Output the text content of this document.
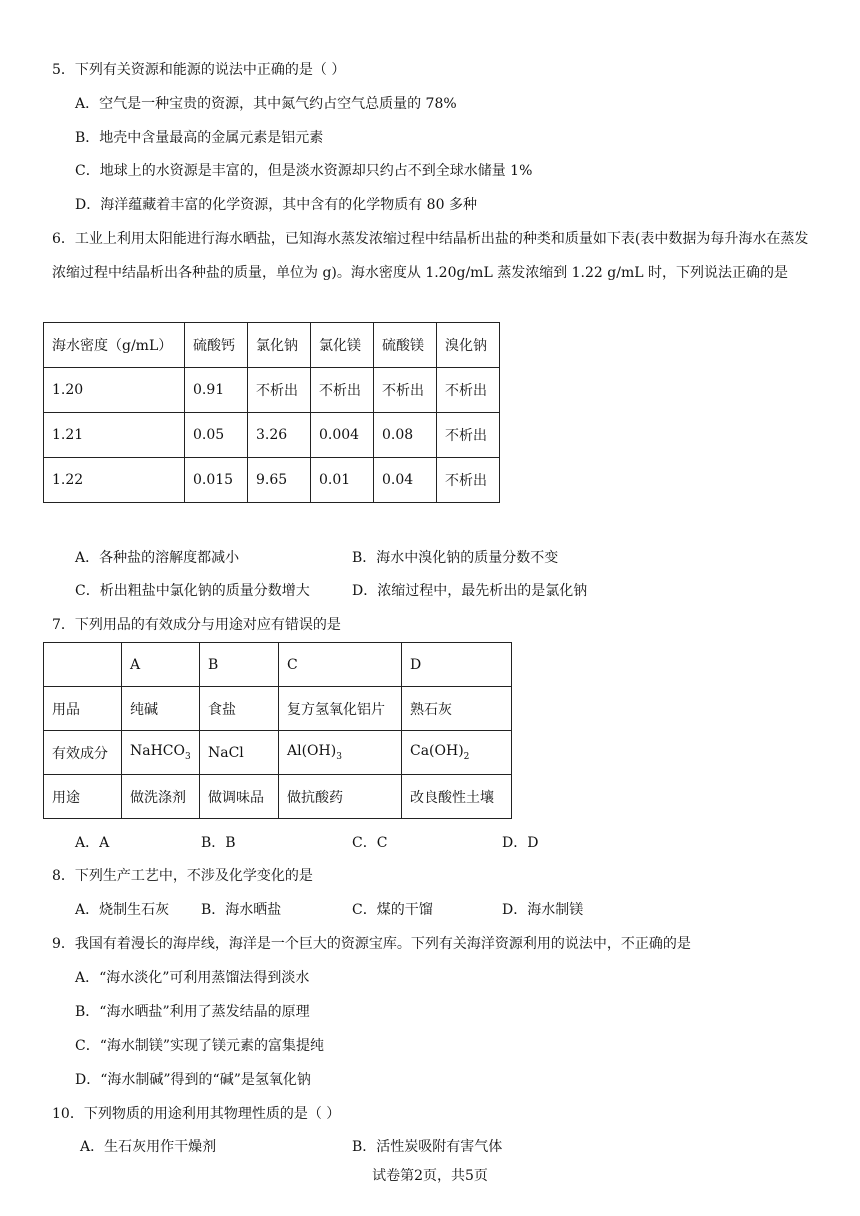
5．下列有关资源和能源的说法中正确的是（ ）
A．空气是一种宝贵的资源，其中氮气约占空气总质量的 78%
B．地壳中含量最高的金属元素是铝元素
C．地球上的水资源是丰富的，但是淡水资源却只约占不到全球水储量 1%
D．海洋蕴藏着丰富的化学资源，其中含有的化学物质有 80 多种
6．工业上利用太阳能进行海水晒盐，已知海水蒸发浓缩过程中结晶析出盐的种类和质量如下表(表中数据为每升海水在蒸发浓缩过程中结晶析出各种盐的质量，单位为 g)。海水密度从 1.20g/mL 蒸发浓缩到 1.22 g/mL 时，下列说法正确的是
海水密度（g/mL）	硫酸钙	氯化钠	氯化镁	硫酸镁	溴化钠
1.20	0.91	不析出	不析出	不析出	不析出
1.21	0.05	3.26	0.004	0.08	不析出
1.22	0.015	9.65	0.01	0.04	不析出
A．各种盐的溶解度都减小	B．海水中溴化钠的质量分数不变
C．析出粗盐中氯化钠的质量分数增大	D．浓缩过程中，最先析出的是氯化钠
7．下列用品的有效成分与用途对应有错误的是
	A	B	C	D
用品	纯碱	食盐	复方氢氧化铝片	熟石灰
有效成分	NaHCO$_3$	NaCl	$Al(OH)_3$	$Ca(OH)_2$
用途	做洗涤剂	做调味品	做抗酸药	改良酸性土壤
A．A	B．B	C．C	D．D
8．下列生产工艺中，不涉及化学变化的是
A．烧制生石灰 B．海水晒盐	C．煤的干馏	D．海水制镁
9．我国有着漫长的海岸线，海洋是一个巨大的资源宝库。下列有关海洋资源利用的说法中，不正确的是
A．“海水淡化”可利用蒸馏法得到淡水
B．“海水晒盐”利用了蒸发结晶的原理
C．“海水制镁”实现了镁元素的富集提纯
D．“海水制碱”得到的“碱”是氢氧化钠
10．下列物质的用途利用其物理性质的是（ ）
A．生石灰用作干燥剂	B．活性炭吸附有害气体
试卷第2页，共5页
